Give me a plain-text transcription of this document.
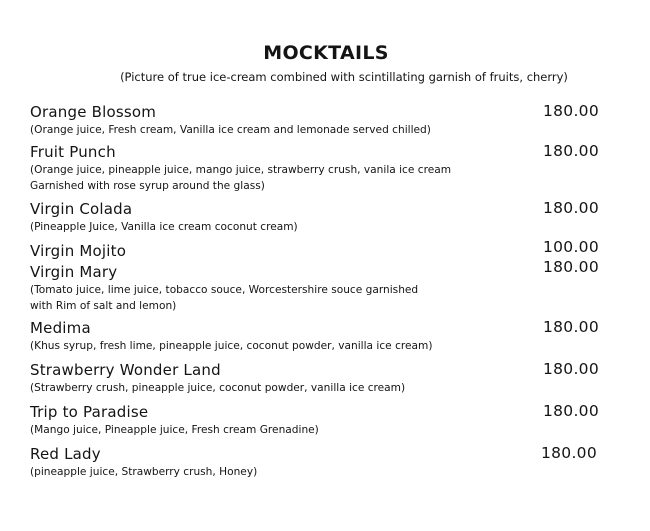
MOCKTAILS
(Picture of true ice-cream combined with scintillating garnish of fruits, cherry)
Orange Blossom
(Orange juice, Fresh cream, Vanilla ice cream and lemonade served chilled)
180.00
Fruit Punch
(Orange juice, pineapple juice, mango juice, strawberry crush, vanila ice cream
Garnished with rose syrup around the glass)
180.00
Virgin Colada
(Pineapple Juice, Vanilla ice cream coconut cream)
180.00
Virgin Mojito	100.00
Virgin Mary
(Tomato juice, lime juice, tobacco souce, Worcestershire souce garnished
with Rim of salt and lemon)
180.00
Medima
(Khus syrup, fresh lime, pineapple juice, coconut powder, vanilla ice cream)
180.00
Strawberry Wonder Land
(Strawberry crush, pineapple juice, coconut powder, vanilla ice cream)
180.00
Trip to Paradise
(Mango juice, Pineapple juice, Fresh cream Grenadine)
180.00
Red Lady
(pineapple juice, Strawberry crush, Honey)
180.00
